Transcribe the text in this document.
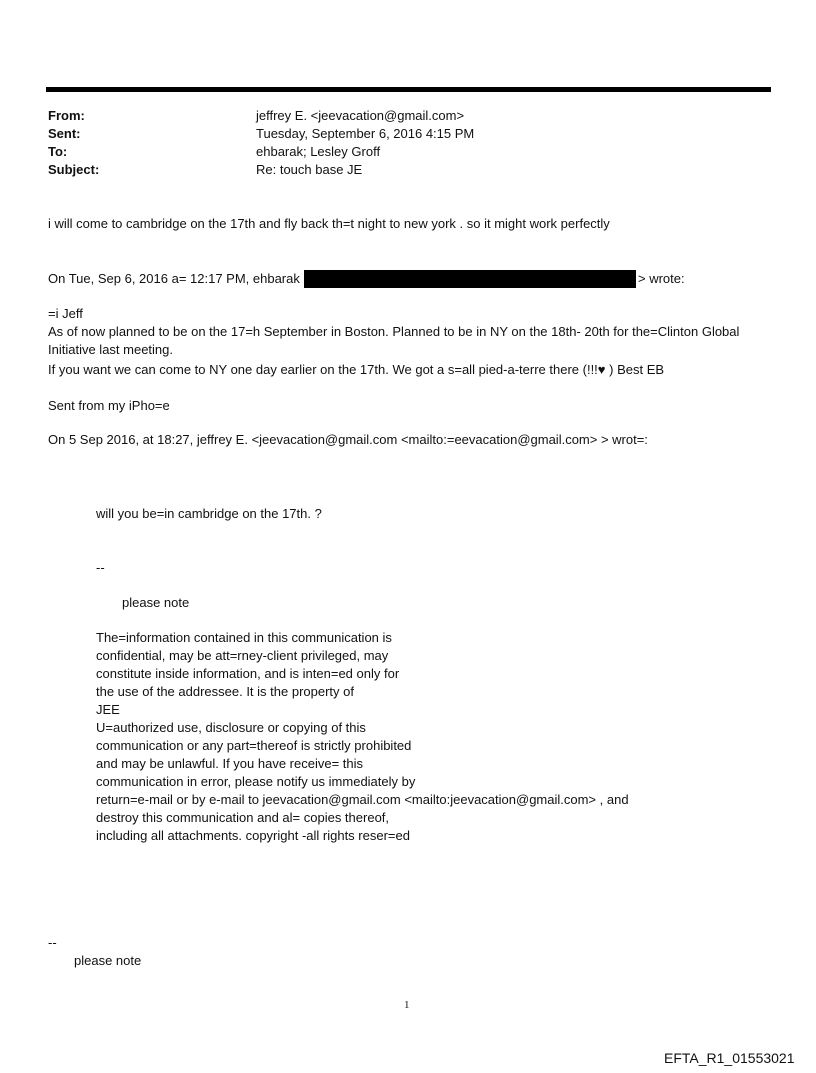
From:	jeffrey E. <jeevacation@gmail.com>
Sent:	Tuesday, September 6, 2016 4:15 PM
To:	ehbarak; Lesley Groff
Subject:	Re: touch base JE
i will come to cambridge on the 17th and fly back th=t night to new york . so it might work perfectly
On Tue, Sep 6, 2016 a= 12:17 PM, ehbarak	> wrote:
=i Jeff
As of now planned to be on the 17=h September in Boston. Planned to be in NY on the 18th- 20th for the=Clinton Global
Initiative last meeting.
If you want we can come to NY one day earlier on the 17th. We got a s=all pied-a-terre there (!!!♥ ) Best EB
Sent from my iPho=e
On 5 Sep 2016, at 18:27, jeffrey E. <jeevacation@gmail.com <mailto:=eevacation@gmail.com> > wrot=:
will you be=in cambridge on the 17th. ?
--
please note
The=information contained in this communication is
confidential, may be att=rney-client privileged, may
constitute inside information, and is inten=ed only for
the use of the addressee. It is the property of
JEE
U=authorized use, disclosure or copying of this
communication or any part=thereof is strictly prohibited
and may be unlawful. If you have receive= this
communication in error, please notify us immediately by
return=e-mail or by e-mail to jeevacation@gmail.com <mailto:jeevacation@gmail.com> , and
destroy this communication and al= copies thereof,
including all attachments. copyright -all rights reser=ed
--
please note
1
EFTA_R1_01553021
